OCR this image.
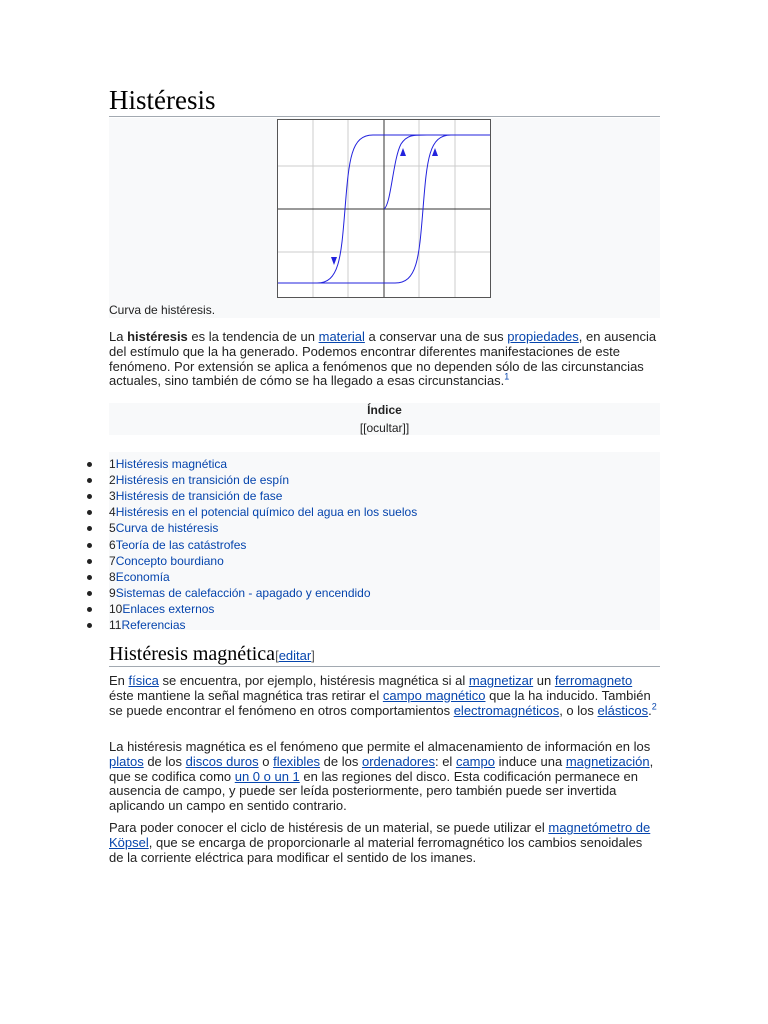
Histéresis
Curva de histéresis.

La histéresis es la tendencia de un material a conservar una de sus propiedades, en ausencia del estímulo que la ha generado. Podemos encontrar diferentes manifestaciones de este fenómeno. Por extensión se aplica a fenómenos que no dependen sólo de las circunstancias actuales, sino también de cómo se ha llegado a esas circunstancias.$^1$

Índice
[[ocultar]]
1Histéresis magnética
2Histéresis en transición de espín
3Histéresis de transición de fase
4Histéresis en el potencial químico del agua en los suelos
5Curva de histéresis
6Teoría de las catástrofes
7Concepto bourdiano
8Economía
9Sistemas de calefacción - apagado y encendido
10Enlaces externos
11Referencias
Histéresis magnética[editar]

En física se encuentra, por ejemplo, histéresis magnética si al magnetizar un ferromagneto éste mantiene la señal magnética tras retirar el campo magnético que la ha inducido. También se puede encontrar el fenómeno en otros comportamientos electromagnéticos, o los elásticos.$^2$

La histéresis magnética es el fenómeno que permite el almacenamiento de información en los platos de los discos duros o flexibles de los ordenadores: el campo induce una magnetización, que se codifica como un 0 o un 1 en las regiones del disco. Esta codificación permanece en ausencia de campo, y puede ser leída posteriormente, pero también puede ser invertida aplicando un campo en sentido contrario.

Para poder conocer el ciclo de histéresis de un material, se puede utilizar el magnetómetro de Köpsel, que se encarga de proporcionarle al material ferromagnético los cambios senoidales de la corriente eléctrica para modificar el sentido de los imanes.
